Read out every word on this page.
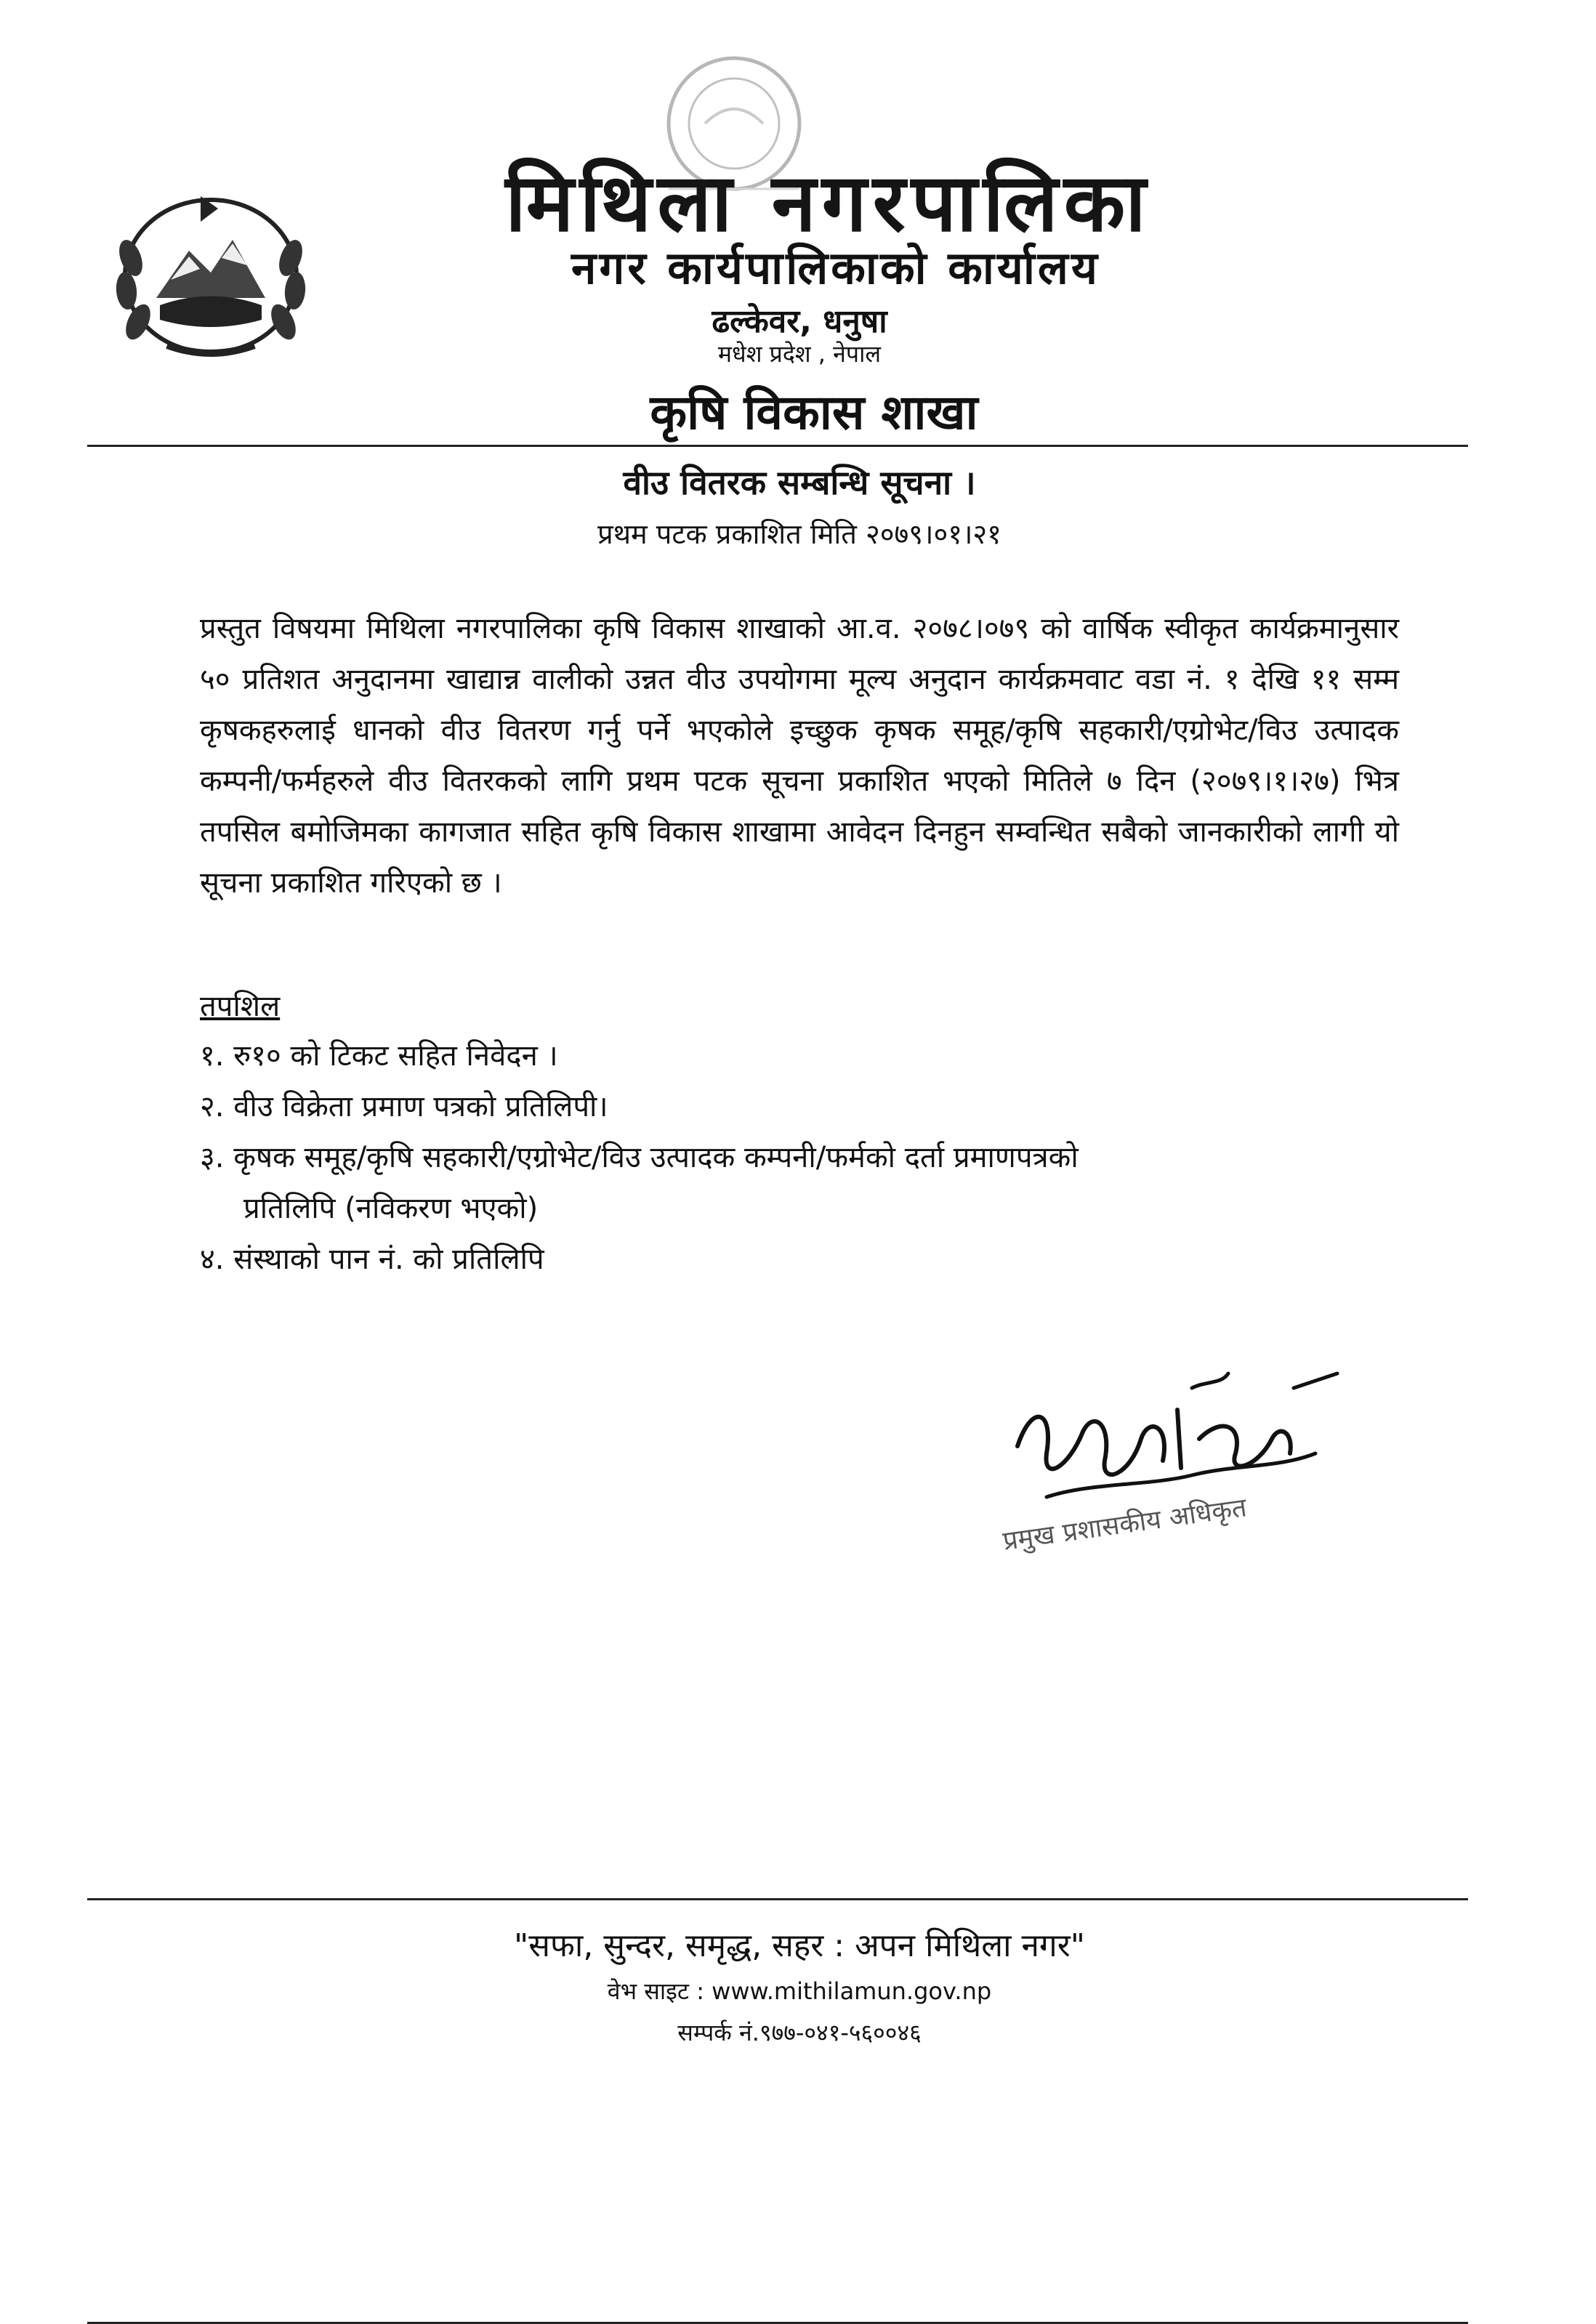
मिथिला नगरपालिका
नगर कार्यपालिकाको कार्यालय
ढल्केवर, धनुषा
मधेश प्रदेश , नेपाल
कृषि विकास शाखा
वीउ वितरक सम्बन्धि सूचना ।
प्रथम पटक प्रकाशित मिति २०७९।०१।२१
प्रस्तुत विषयमा मिथिला नगरपालिका कृषि विकास शाखाको आ.व. २०७८।०७९ को वार्षिक स्वीकृत कार्यक्रमानुसार ५० प्रतिशत अनुदानमा खाद्यान्न वालीको उन्नत वीउ उपयोगमा मूल्य अनुदान कार्यक्रमवाट वडा नं. १ देखि ११ सम्म कृषकहरुलाई धानको वीउ वितरण गर्नु पर्ने भएकोले इच्छुक कृषक समूह/कृषि सहकारी/एग्रोभेट/विउ उत्पादक कम्पनी/फर्महरुले वीउ वितरकको लागि प्रथम पटक सूचना प्रकाशित भएको मितिले ७ दिन (२०७९।१।२७) भित्र तपसिल बमोजिमका कागजात सहित कृषि विकास शाखामा आवेदन दिनहुन सम्वन्धित सबैको जानकारीको लागी यो सूचना प्रकाशित गरिएको छ ।
तपशिल
१. रु१० को टिकट सहित निवेदन ।
२. वीउ विक्रेता प्रमाण पत्रको प्रतिलिपी।
३. कृषक समूह/कृषि सहकारी/एग्रोभेट/विउ उत्पादक कम्पनी/फर्मको दर्ता प्रमाणपत्रको
प्रतिलिपि (नविकरण भएको)
४. संस्थाको पान नं. को प्रतिलिपि
प्रमुख प्रशासकीय अधिकृत
"सफा, सुन्दर, समृद्ध, सहर : अपन मिथिला नगर"
वेभ साइट : www.mithilamun.gov.np
सम्पर्क नं.९७७-०४१-५६००४६
